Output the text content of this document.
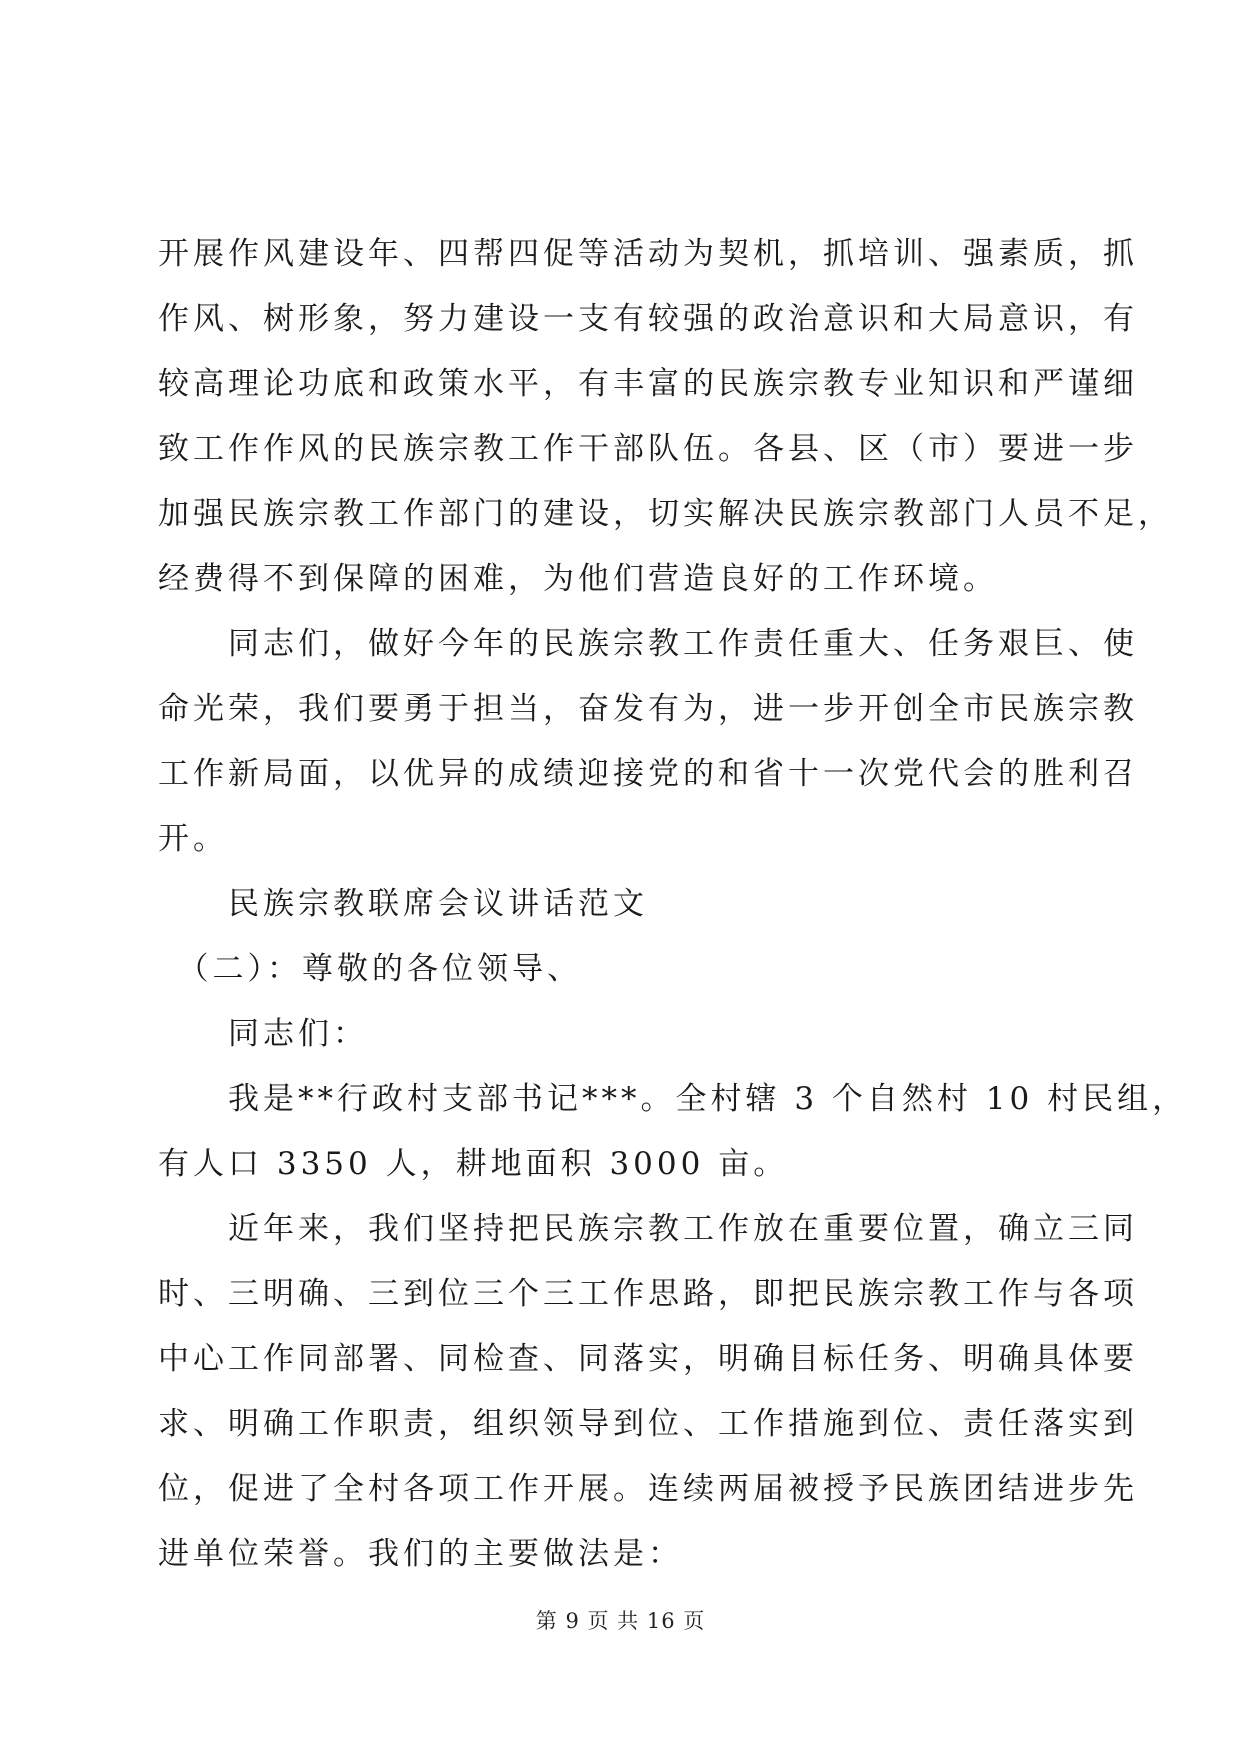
开展作风建设年、四帮四促等活动为契机，抓培训、强素质，抓

作风、树形象，努力建设一支有较强的政治意识和大局意识，有

较高理论功底和政策水平，有丰富的民族宗教专业知识和严谨细

致工作作风的民族宗教工作干部队伍。各县、区（市）要进一步

加强民族宗教工作部门的建设，切实解决民族宗教部门人员不足，

经费得不到保障的困难，为他们营造良好的工作环境。

　　同志们，做好今年的民族宗教工作责任重大、任务艰巨、使

命光荣，我们要勇于担当，奋发有为，进一步开创全市民族宗教

工作新局面，以优异的成绩迎接党的和省十一次党代会的胜利召

开。

　　民族宗教联席会议讲话范文

　（二）：尊敬的各位领导、

　　同志们：

　　我是**行政村支部书记***。全村辖 3 个自然村 10 村民组，

有人口 3350 人，耕地面积 3000 亩。

　　近年来，我们坚持把民族宗教工作放在重要位置，确立三同

时、三明确、三到位三个三工作思路，即把民族宗教工作与各项

中心工作同部署、同检查、同落实，明确目标任务、明确具体要

求、明确工作职责，组织领导到位、工作措施到位、责任落实到

位，促进了全村各项工作开展。连续两届被授予民族团结进步先

进单位荣誉。我们的主要做法是：

第 9 页 共 16 页
